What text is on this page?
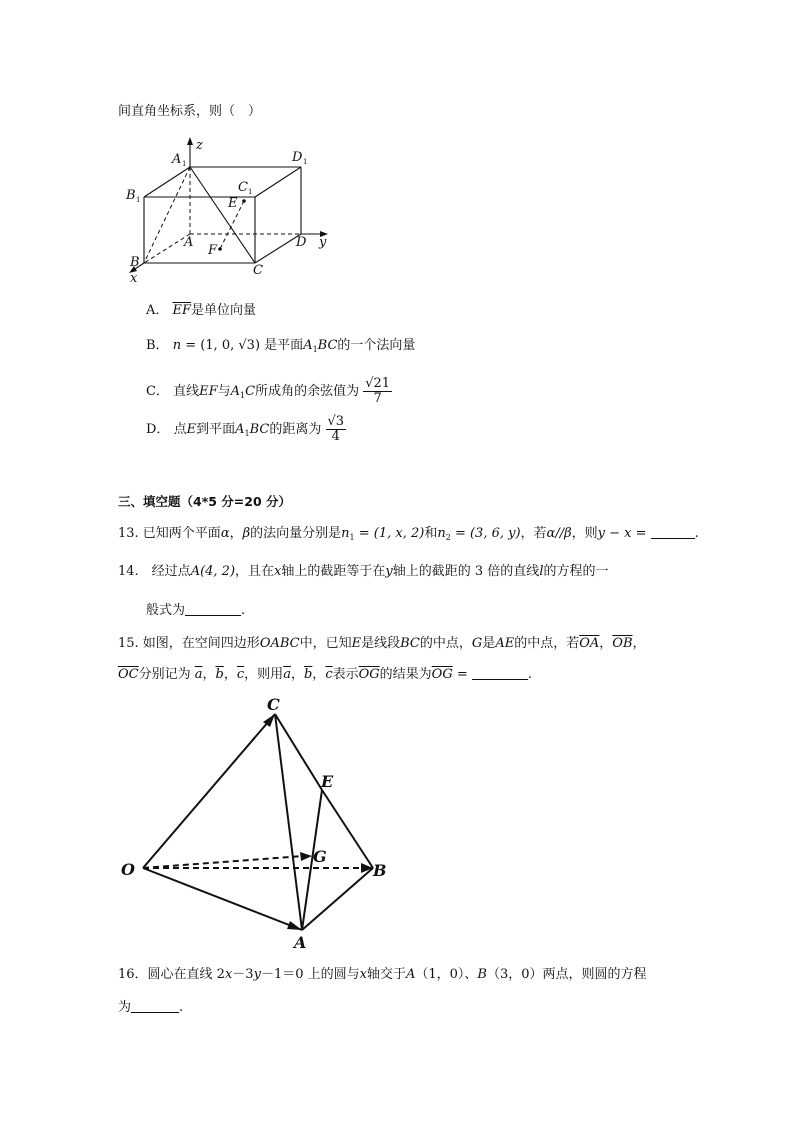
间直角坐标系，则（　）
z
A 1	D 1
B 1
C 1
E
A
F
D y
B
C
x
A． $\overline{EF}$是单位向量
B． n = (1, 0, √3) 是平面$A_1BC$的一个法向量
C． 直线EF与$A_1C$所成角的余弦值为 $\frac{√21}{7}$
D． 点E到平面$A_1BC$的距离为 $\frac{√3}{4}$
三、填空题（4*5 分=20 分）
13. 已知两个平面α，β的法向量分别是$n_1 = (1$, x, 2)和$n_2 = (3$, 6, y)，若α//β，则y − x =	.
14.　经过点A(4, 2)，且在x轴上的截距等于在y轴上的截距的 3 倍的直线l的方程的一
般式为	.
15. 如图，在空间四边形OABC中，已知E是线段BC的中点，G是AE的中点，若$\overline{OA}$，$\overline{OB}$，
$\overline{OC}$分别记为 $\overline{a}$，$\overline{b}$，$\overline{c}$，则用$\overline{a}$，$\overline{b}$，$\overline{c}$表示$\overline{OG}$的结果为$\overline{OG}$ =	.
C
E
G
O	B
A
16．圆心在直线 2x－3y－1＝0 上的圆与x轴交于A（1，0）、B（3，0）两点，则圆的方程
为	.
